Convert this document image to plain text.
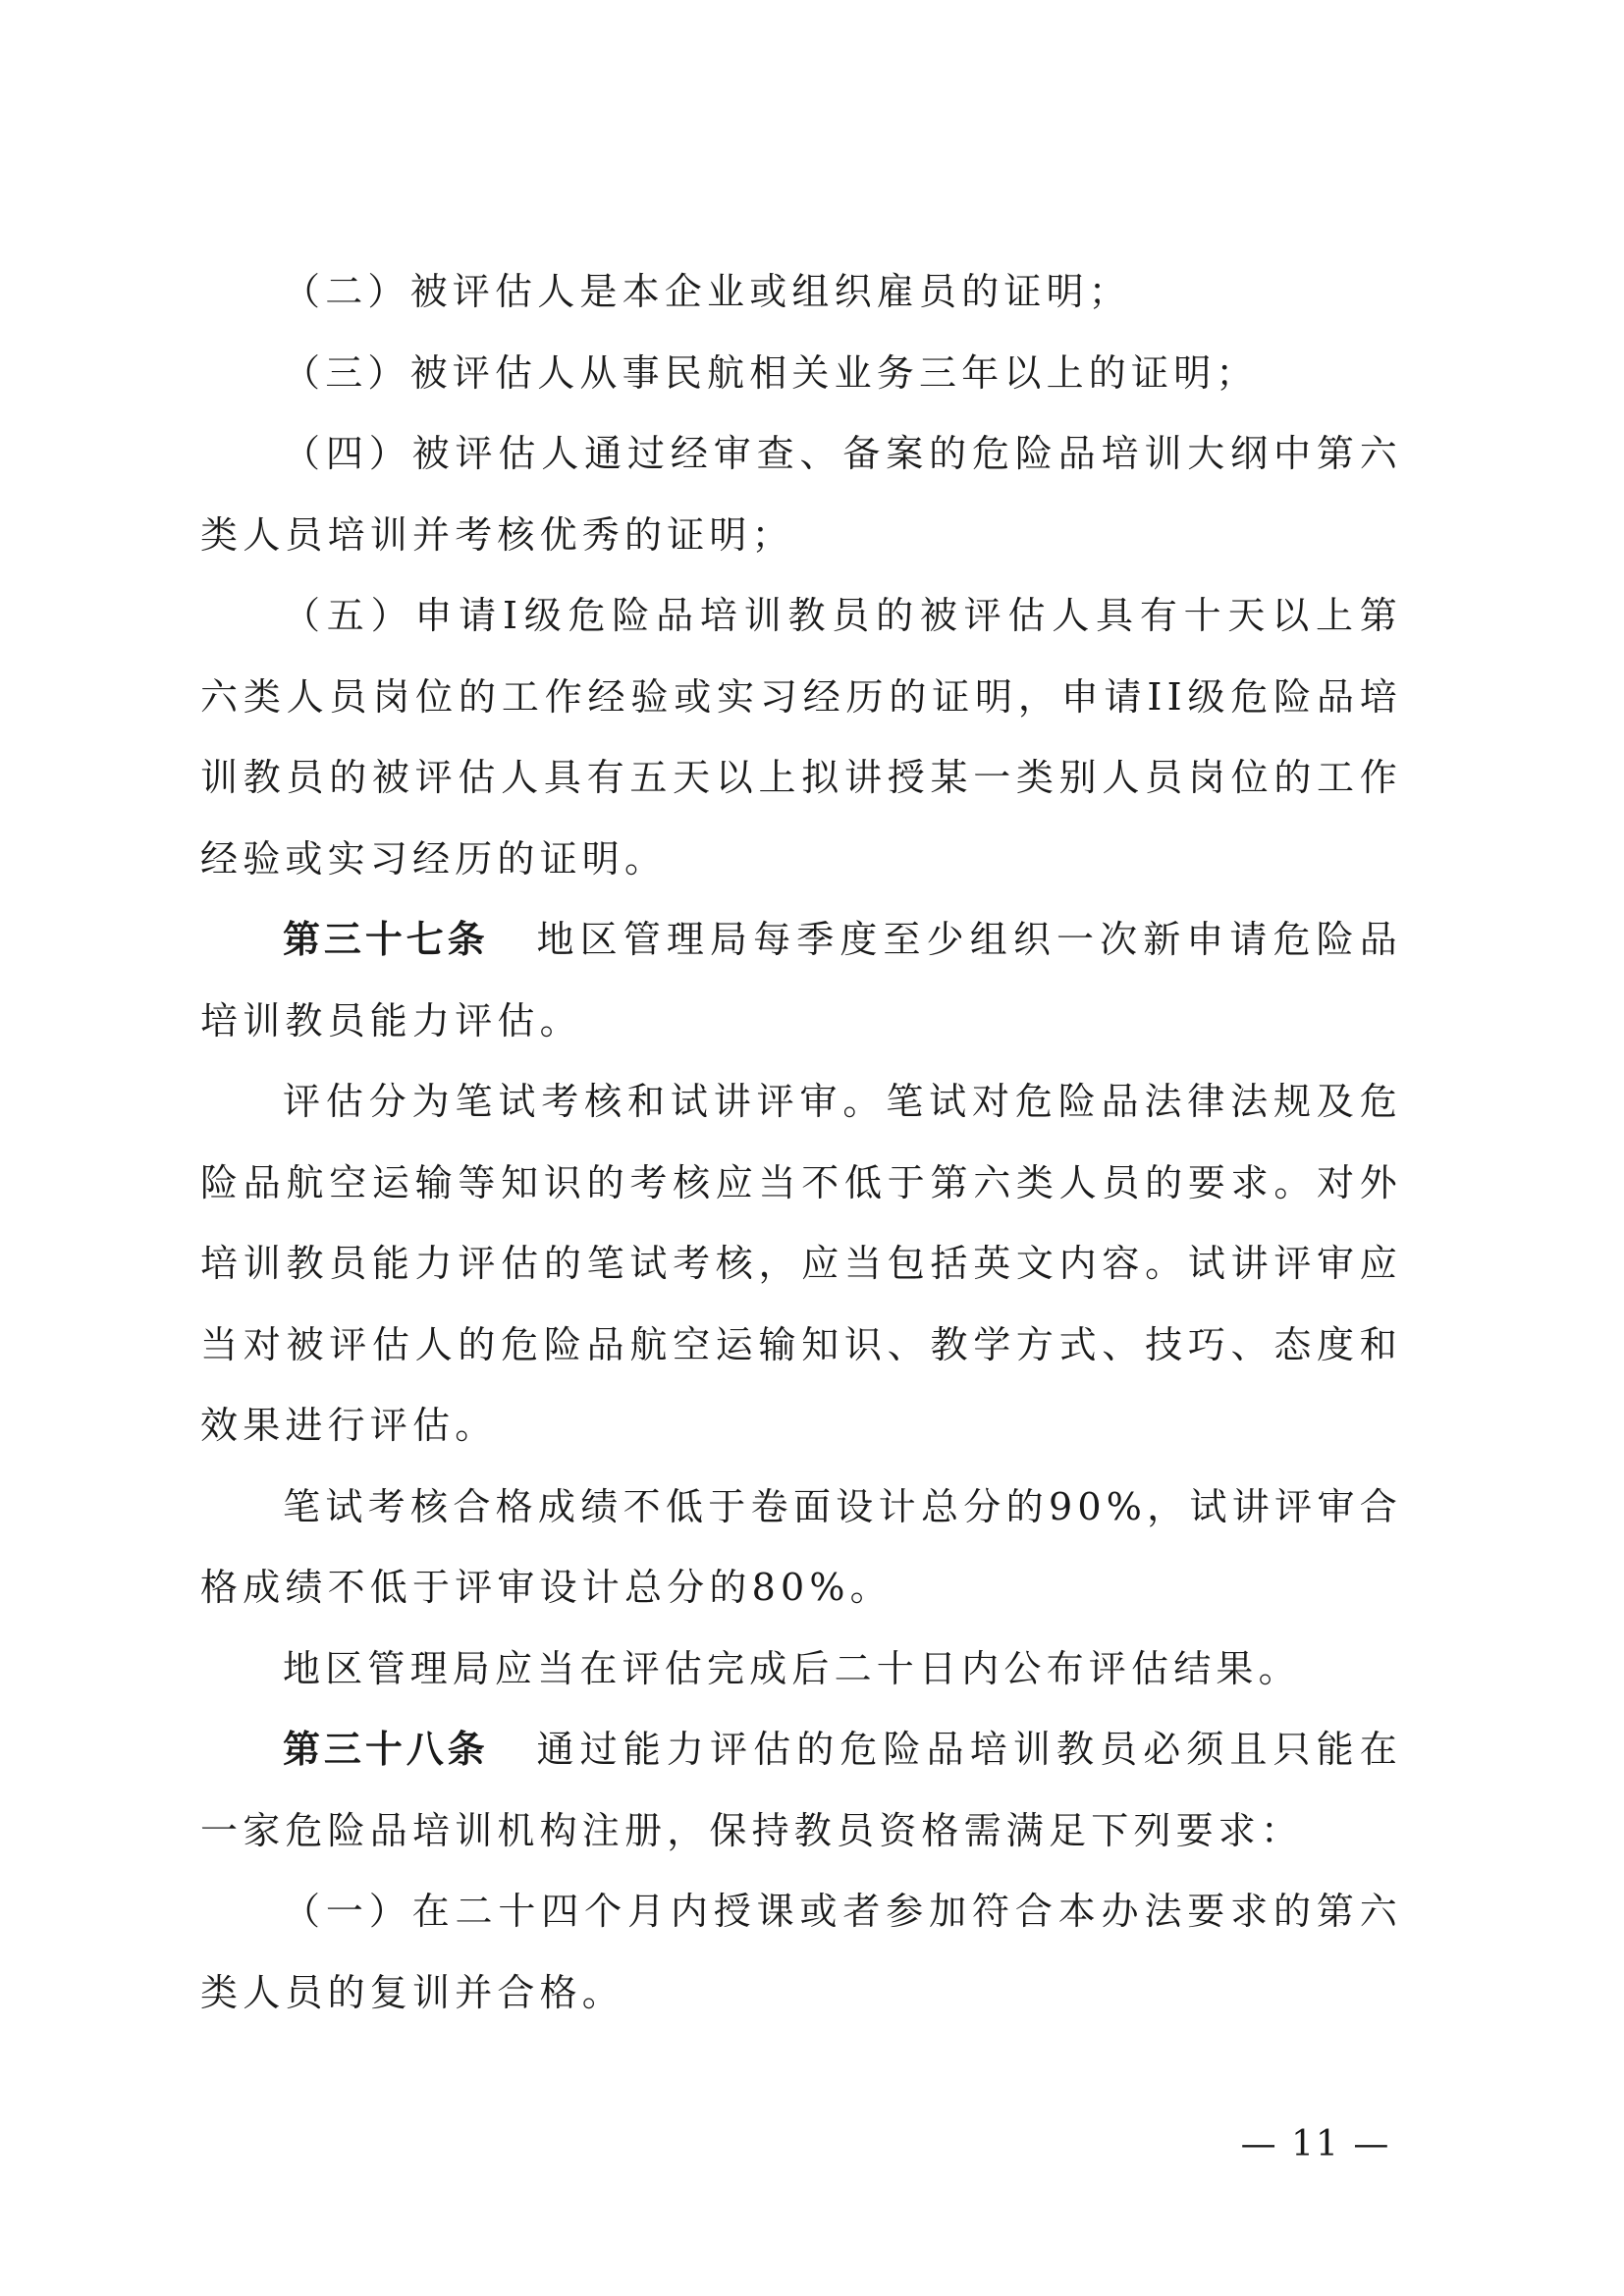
（二）被评估人是本企业或组织雇员的证明；

（三）被评估人从事民航相关业务三年以上的证明；

（四）被评估人通过经审查、备案的危险品培训大纲中第六类人员培训并考核优秀的证明；

（五）申请I级危险品培训教员的被评估人具有十天以上第六类人员岗位的工作经验或实习经历的证明，申请II级危险品培训教员的被评估人具有五天以上拟讲授某一类别人员岗位的工作经验或实习经历的证明。

第三十七条 地区管理局每季度至少组织一次新申请危险品培训教员能力评估。

评估分为笔试考核和试讲评审。笔试对危险品法律法规及危险品航空运输等知识的考核应当不低于第六类人员的要求。对外培训教员能力评估的笔试考核，应当包括英文内容。试讲评审应当对被评估人的危险品航空运输知识、教学方式、技巧、态度和效果进行评估。

笔试考核合格成绩不低于卷面设计总分的90%，试讲评审合格成绩不低于评审设计总分的80%。

地区管理局应当在评估完成后二十日内公布评估结果。

第三十八条 通过能力评估的危险品培训教员必须且只能在一家危险品培训机构注册，保持教员资格需满足下列要求：

（一）在二十四个月内授课或者参加符合本办法要求的第六类人员的复训并合格。

— 11 —
